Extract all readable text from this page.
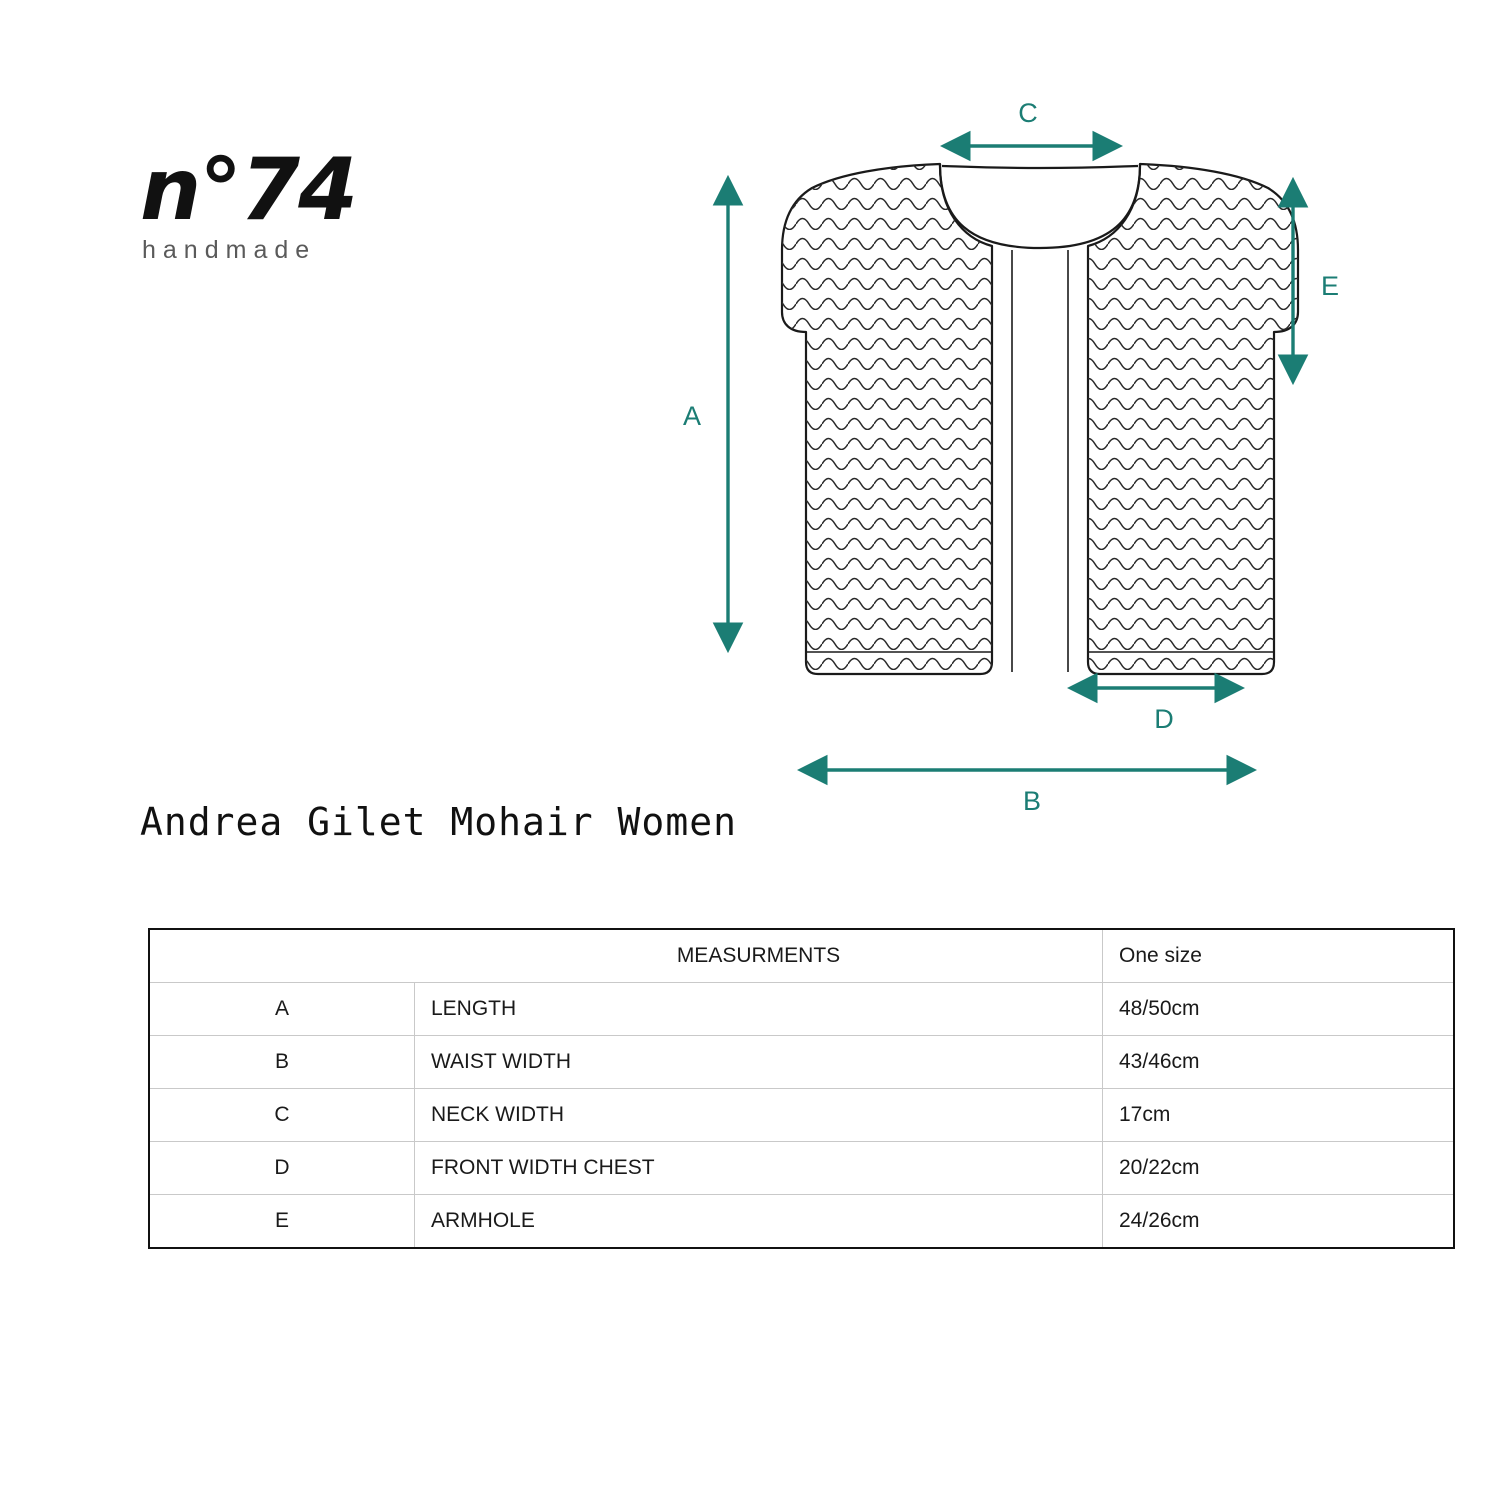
n°74
handmade
A
C
E
D
B
Andrea Gilet Mohair Women
	MEASURMENTS	One size
A	LENGTH	48/50cm
B	WAIST WIDTH	43/46cm
C	NECK WIDTH	17cm
D	FRONT WIDTH CHEST	20/22cm
E	ARMHOLE	24/26cm
